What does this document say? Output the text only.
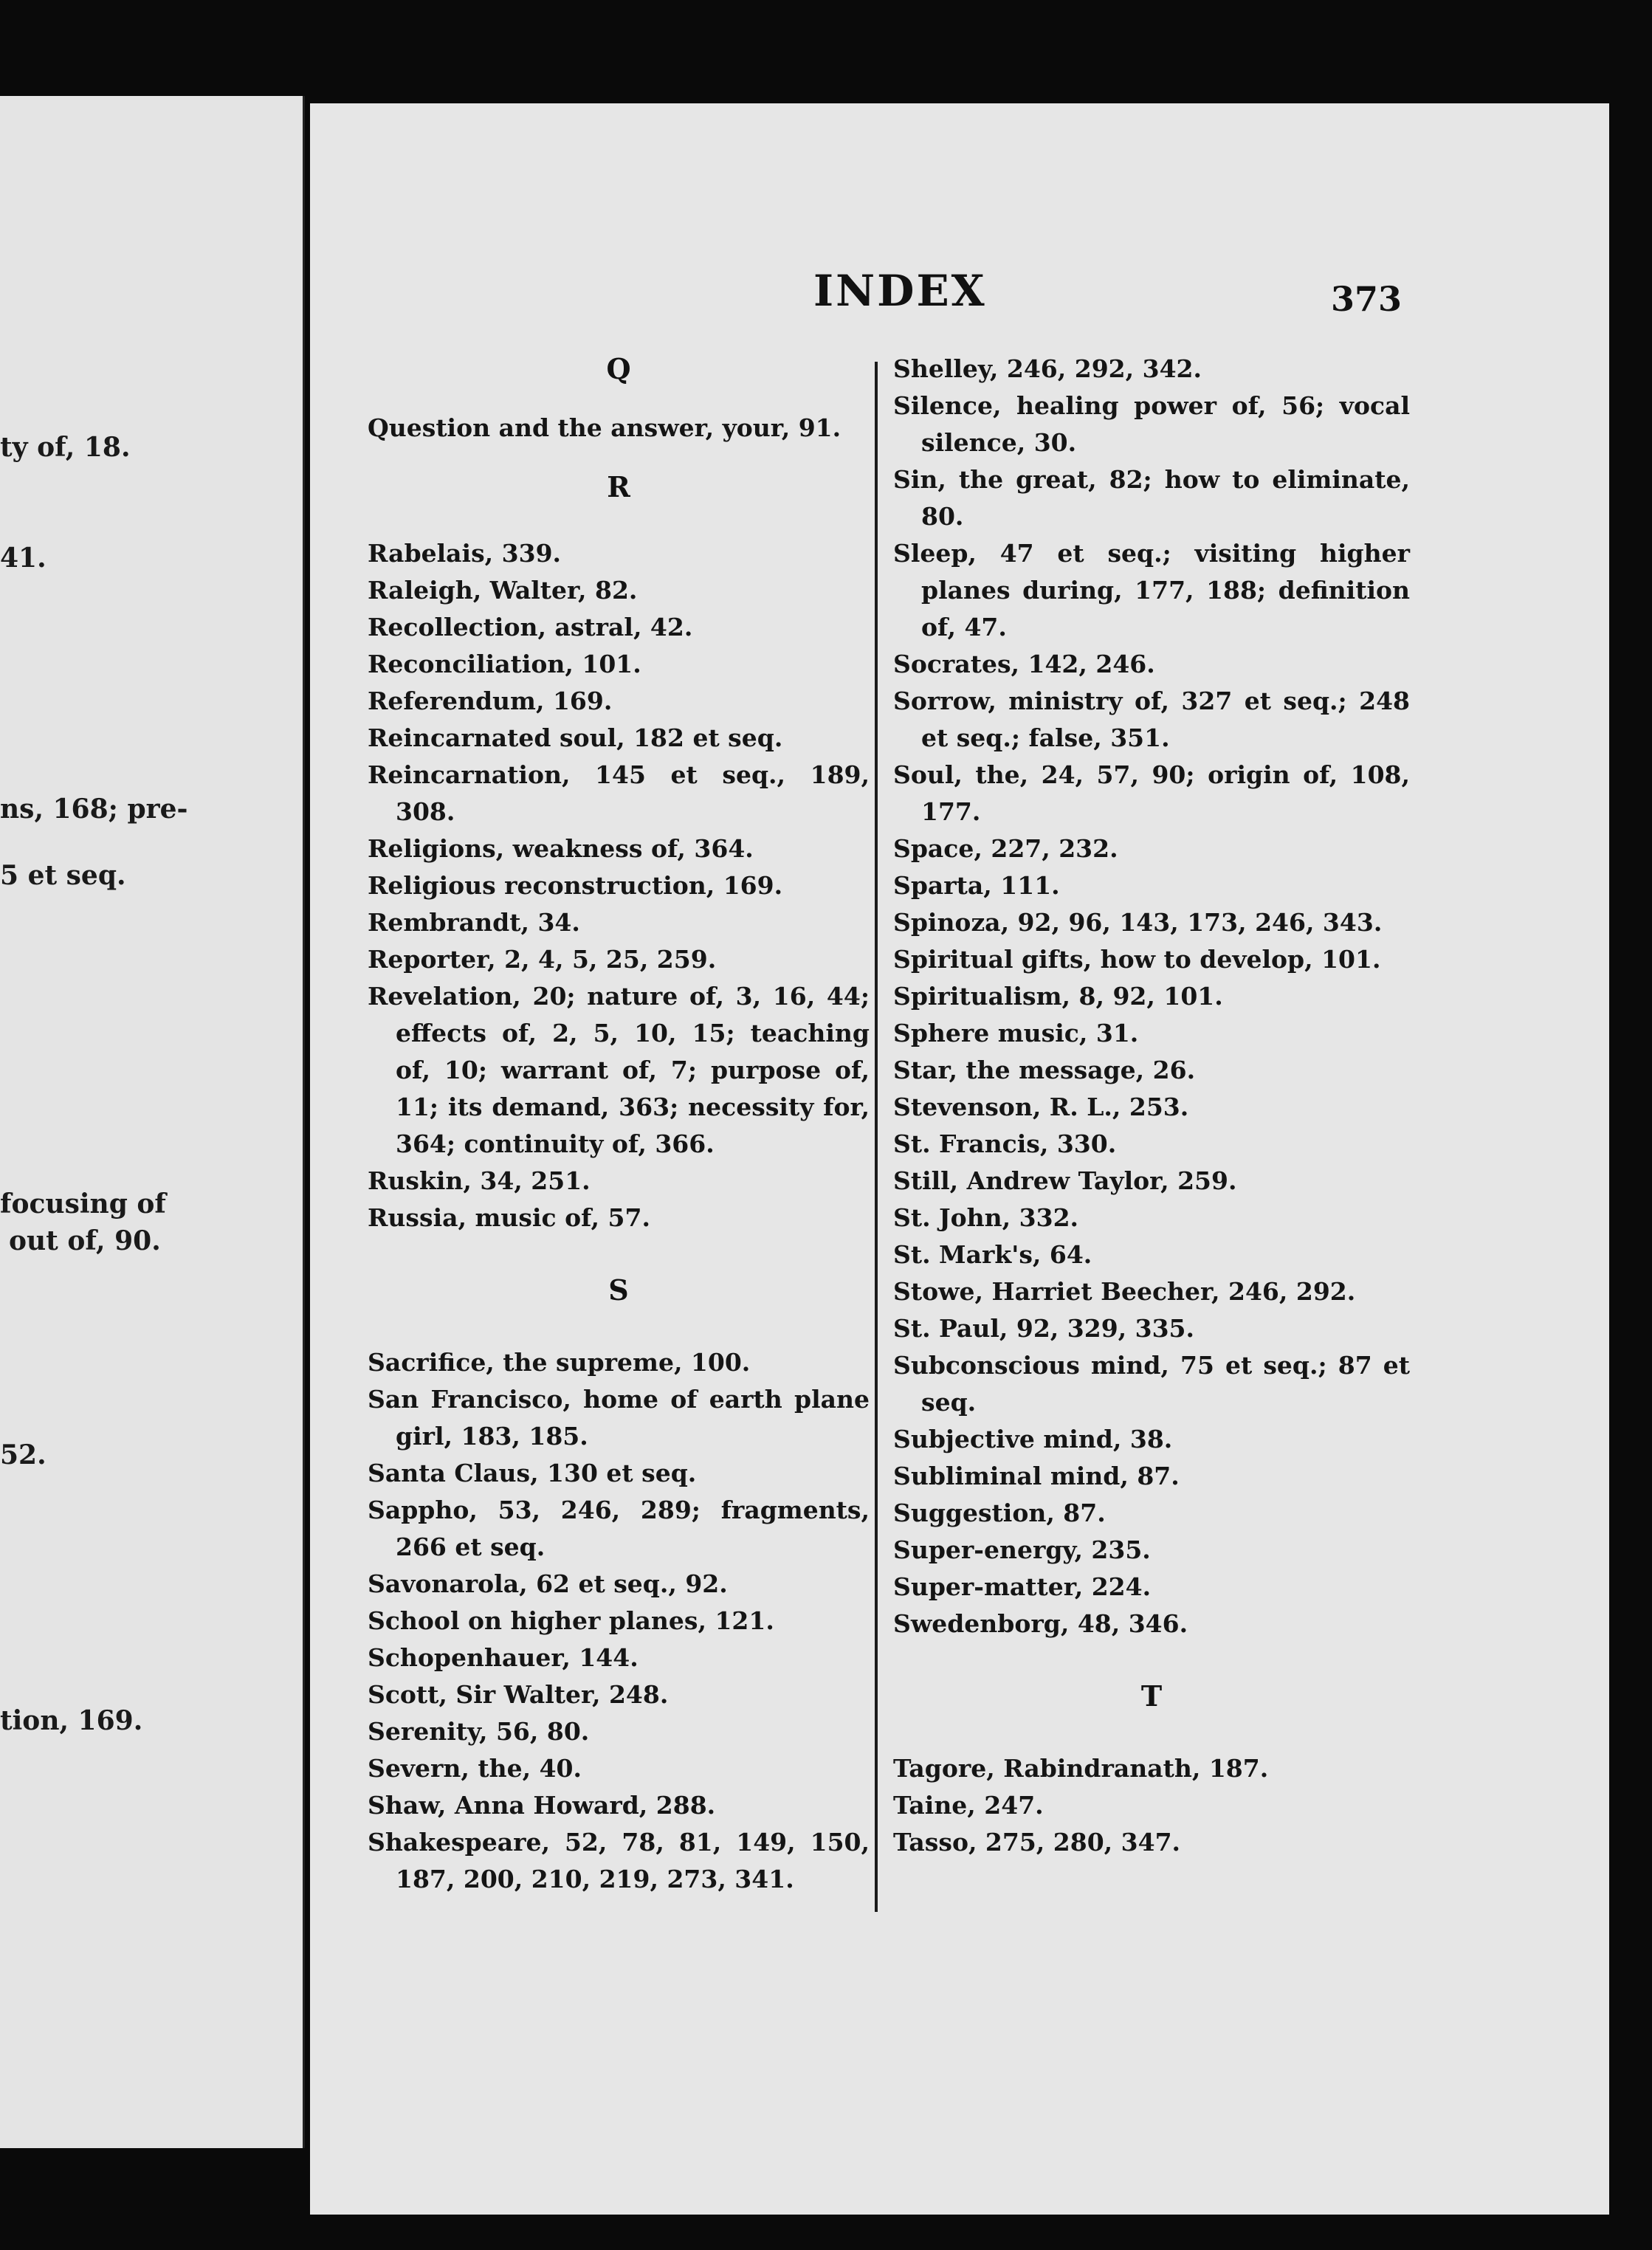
ty of, 18.
41.
ns, 168; pre-
5 et seq.
focusing of
out of, 90.
52.
tion, 169.
INDEX	373
Q
Question and the answer, your, 91.
R
Rabelais, 339.
Raleigh, Walter, 82.
Recollection, astral, 42.
Reconciliation, 101.
Referendum, 169.
Reincarnated soul, 182 et seq.
Reincarnation, 145 et seq., 189, 308.
Religions, weakness of, 364.
Religious reconstruction, 169.
Rembrandt, 34.
Reporter, 2, 4, 5, 25, 259.
Revelation, 20; nature of, 3, 16, 44; effects of, 2, 5, 10, 15; teaching of, 10; warrant of, 7; purpose of, 11; its demand, 363; necessity for, 364; continuity of, 366.
Ruskin, 34, 251.
Russia, music of, 57.
S
Sacrifice, the supreme, 100.
San Francisco, home of earth plane girl, 183, 185.
Santa Claus, 130 et seq.
Sappho, 53, 246, 289; fragments, 266 et seq.
Savonarola, 62 et seq., 92.
School on higher planes, 121.
Schopenhauer, 144.
Scott, Sir Walter, 248.
Serenity, 56, 80.
Severn, the, 40.
Shaw, Anna Howard, 288.
Shakespeare, 52, 78, 81, 149, 150, 187, 200, 210, 219, 273, 341.
Shelley, 246, 292, 342.
Silence, healing power of, 56; vocal silence, 30.
Sin, the great, 82; how to eliminate, 80.
Sleep, 47 et seq.; visiting higher planes during, 177, 188; definition of, 47.
Socrates, 142, 246.
Sorrow, ministry of, 327 et seq.; 248 et seq.; false, 351.
Soul, the, 24, 57, 90; origin of, 108, 177.
Space, 227, 232.
Sparta, 111.
Spinoza, 92, 96, 143, 173, 246, 343.
Spiritual gifts, how to develop, 101.
Spiritualism, 8, 92, 101.
Sphere music, 31.
Star, the message, 26.
Stevenson, R. L., 253.
St. Francis, 330.
Still, Andrew Taylor, 259.
St. John, 332.
St. Mark's, 64.
Stowe, Harriet Beecher, 246, 292.
St. Paul, 92, 329, 335.
Subconscious mind, 75 et seq.; 87 et seq.
Subjective mind, 38.
Subliminal mind, 87.
Suggestion, 87.
Super-energy, 235.
Super-matter, 224.
Swedenborg, 48, 346.
T
Tagore, Rabindranath, 187.
Taine, 247.
Tasso, 275, 280, 347.
